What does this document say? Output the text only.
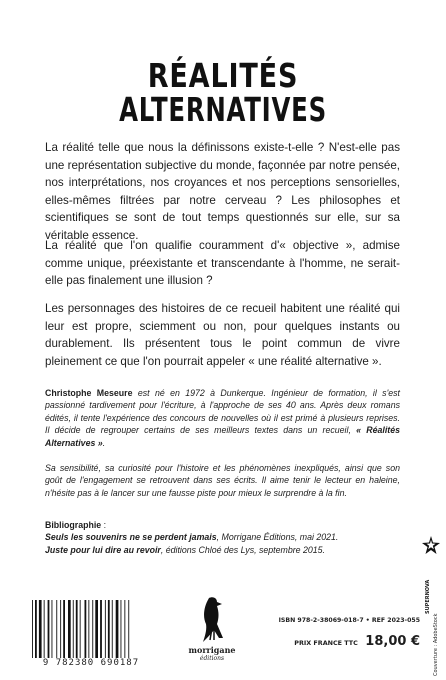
RÉALITÉS
ALTERNATIVES

La réalité telle que nous la définissons existe-t-elle ? N'est-elle pas une représentation subjective du monde, façonnée par notre pensée, nos interprétations, nos croyances et nos perceptions sensorielles, elles-mêmes filtrées par notre cerveau ? Les philosophes et scientifiques se sont de tout temps questionnés sur elle, sur sa véritable essence.

La réalité que l'on qualifie couramment d'« objective », admise comme unique, préexistante et transcendante à l'homme, ne serait-elle pas finalement une illusion ?

Les personnages des histoires de ce recueil habitent une réalité qui leur est propre, sciemment ou non, pour quelques instants ou durablement. Ils présentent tous le point commun de vivre pleinement ce que l'on pourrait appeler « une réalité alternative ».

Christophe Meseure est né en 1972 à Dunkerque. Ingénieur de formation, il s'est passionné tardivement pour l'écriture, à l'approche de ses 40 ans. Après deux romans édités, il tente l'expérience des concours de nouvelles où il est primé à plusieurs reprises. Il décide de regrouper certains de ses meilleurs textes dans un recueil, « Réalités Alternatives ».

Sa sensibilité, sa curiosité pour l'histoire et les phénomènes inexpliqués, ainsi que son goût de l'engagement se retrouvent dans ses écrits. Il aime tenir le lecteur en haleine, n'hésite pas à le lancer sur une fausse piste pour mieux le surprendre à la fin.

Bibliographie :
Seuls les souvenirs ne se perdent jamais, Morrigane Éditions, mai 2021.
Juste pour lui dire au revoir, éditions Chloé des Lys, septembre 2015.
9 782380 690187
morrigane
éditions
ISBN 978-2-38069-018-7 • REF 2023-055
PRIX FRANCE TTC 18,00 €
SUPERNOVA
Couverture : AdobeStock
